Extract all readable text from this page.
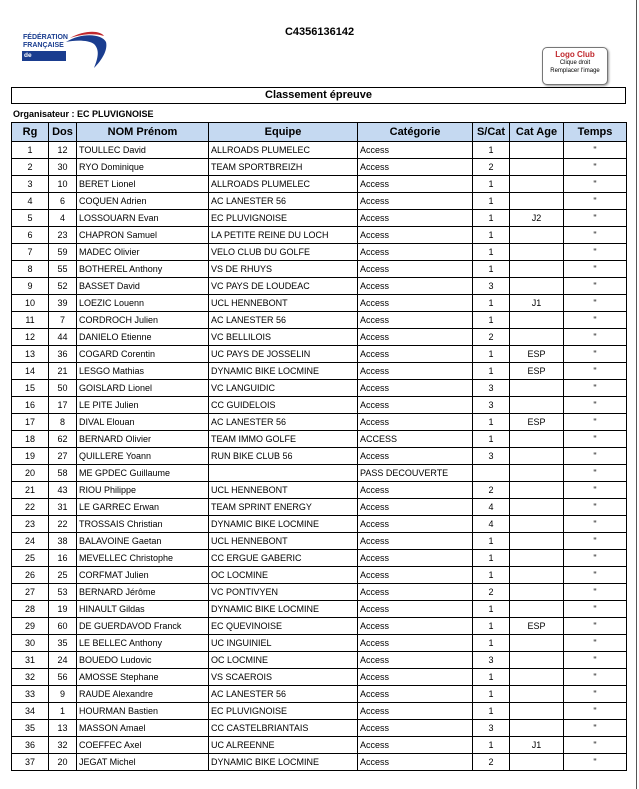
FÉDÉRATION
FRANÇAISE
de CYCLISME
C4356136142
Logo Club
Clique droit
Remplacer l'image
Classement épreuve
Organisateur : EC PLUVIGNOISE
Rg	Dos	NOM Prénom	Equipe	Catégorie	S/Cat	Cat Age	Temps
1	12	TOULLEC David	ALLROADS PLUMELEC	Access	1		"
2	30	RYO Dominique	TEAM SPORTBREIZH	Access	2		"
3	10	BERET Lionel	ALLROADS PLUMELEC	Access	1		"
4	6	COQUEN Adrien	AC LANESTER 56	Access	1		"
5	4	LOSSOUARN Evan	EC PLUVIGNOISE	Access	1	J2	"
6	23	CHAPRON Samuel	LA PETITE REINE DU LOCH	Access	1		"
7	59	MADEC Olivier	VELO CLUB DU GOLFE	Access	1		"
8	55	BOTHEREL Anthony	VS DE RHUYS	Access	1		"
9	52	BASSET David	VC PAYS DE LOUDEAC	Access	3		"
10	39	LOEZIC Louenn	UCL HENNEBONT	Access	1	J1	"
11	7	CORDROCH Julien	AC LANESTER 56	Access	1		"
12	44	DANIELO Etienne	VC BELLILOIS	Access	2		"
13	36	COGARD Corentin	UC PAYS DE JOSSELIN	Access	1	ESP	"
14	21	LESGO Mathias	DYNAMIC BIKE LOCMINE	Access	1	ESP	"
15	50	GOISLARD Lionel	VC LANGUIDIC	Access	3		"
16	17	LE PITE Julien	CC GUIDELOIS	Access	3		"
17	8	DIVAL Elouan	AC LANESTER 56	Access	1	ESP	"
18	62	BERNARD Olivier	TEAM IMMO GOLFE	ACCESS	1		"
19	27	QUILLERE Yoann	RUN BIKE CLUB 56	Access	3		"
20	58	ME GPDEC Guillaume		PASS DECOUVERTE			"
21	43	RIOU Philippe	UCL HENNEBONT	Access	2		"
22	31	LE GARREC Erwan	TEAM SPRINT ENERGY	Access	4		"
23	22	TROSSAIS Christian	DYNAMIC BIKE LOCMINE	Access	4		"
24	38	BALAVOINE Gaetan	UCL HENNEBONT	Access	1		"
25	16	MEVELLEC Christophe	CC ERGUE GABERIC	Access	1		"
26	25	CORFMAT Julien	OC LOCMINE	Access	1		"
27	53	BERNARD Jérôme	VC PONTIVYEN	Access	2		"
28	19	HINAULT Gildas	DYNAMIC BIKE LOCMINE	Access	1		"
29	60	DE GUERDAVOD Franck	EC QUEVINOISE	Access	1	ESP	"
30	35	LE BELLEC Anthony	UC INGUINIEL	Access	1		"
31	24	BOUEDO Ludovic	OC LOCMINE	Access	3		"
32	56	AMOSSE Stephane	VS SCAEROIS	Access	1		"
33	9	RAUDE Alexandre	AC LANESTER 56	Access	1		"
34	1	HOURMAN Bastien	EC PLUVIGNOISE	Access	1		"
35	13	MASSON Amael	CC CASTELBRIANTAIS	Access	3		"
36	32	COEFFEC Axel	UC ALREENNE	Access	1	J1	"
37	20	JEGAT Michel	DYNAMIC BIKE LOCMINE	Access	2		"
